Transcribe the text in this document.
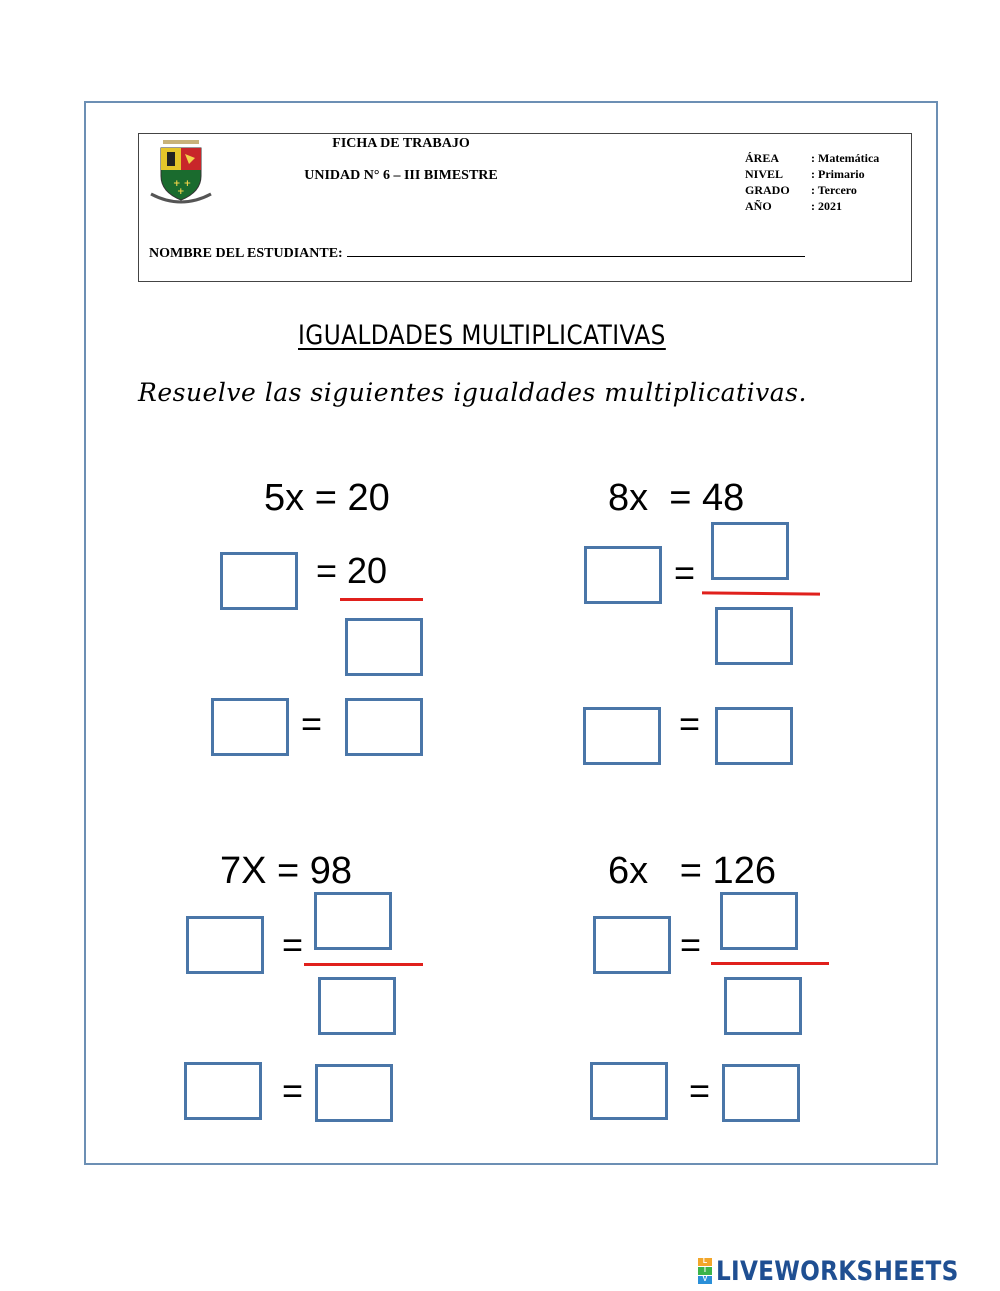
+ +
+
FICHA DE TRABAJO
UNIDAD N° 6 – III BIMESTRE
ÁREA	: Matemática
NIVEL	: Primario
GRADO	: Tercero
AÑO	: 2021
NOMBRE DEL ESTUDIANTE:
IGUALDADES MULTIPLICATIVAS
Resuelve las siguientes igualdades multiplicativas.
5x = 20
= 20
=
8x  = 48
=
=
7X = 98
=
=
6x   = 126
=
=
L
I
V LIVEWORKSHEETS
